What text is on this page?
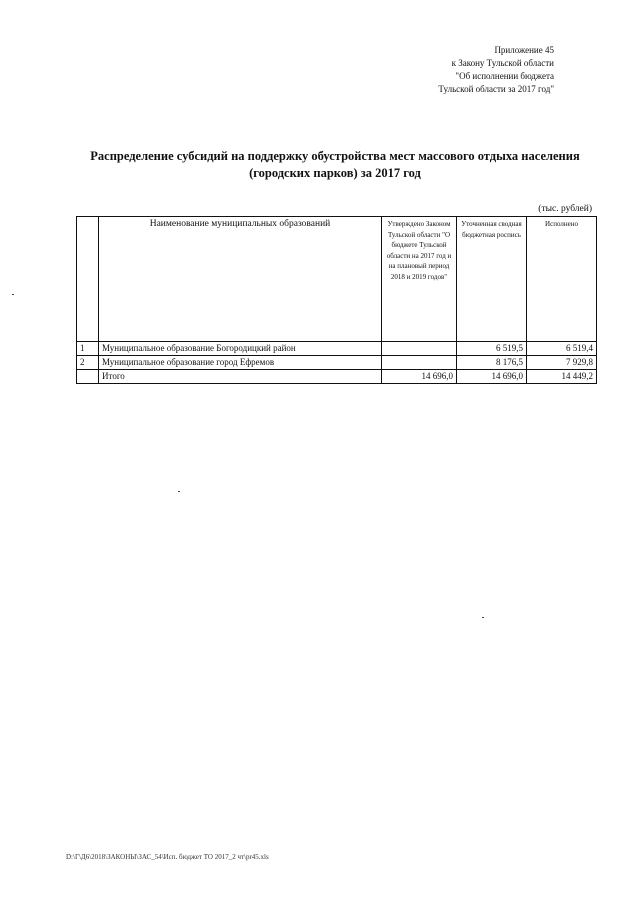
Приложение 45
к Закону Тульской области
"Об исполнении бюджета
Тульской области за 2017 год"
Распределение субсидий на поддержку обустройства мест массового отдыха населения
(городских парков) за 2017 год
(тыс. рублей)
	Наименование муниципальных образований	Утверждено Законом Тульской области "О бюджете Тульской области на 2017 год и на плановый период 2018 и 2019 годов"	Уточненная сводная бюджетная роспись	Исполнено
1	Муниципальное образование Богородицкий район		6 519,5	6 519,4
2	Муниципальное образование город Ефремов		8 176,5	7 929,8
	Итого	14 696,0	14 696,0	14 449,2
D:\Г\Д6\2018\ЗАКОНЫ\ЗАС_54\Исп. бюджет ТО 2017_2 чт\pr45.xls
